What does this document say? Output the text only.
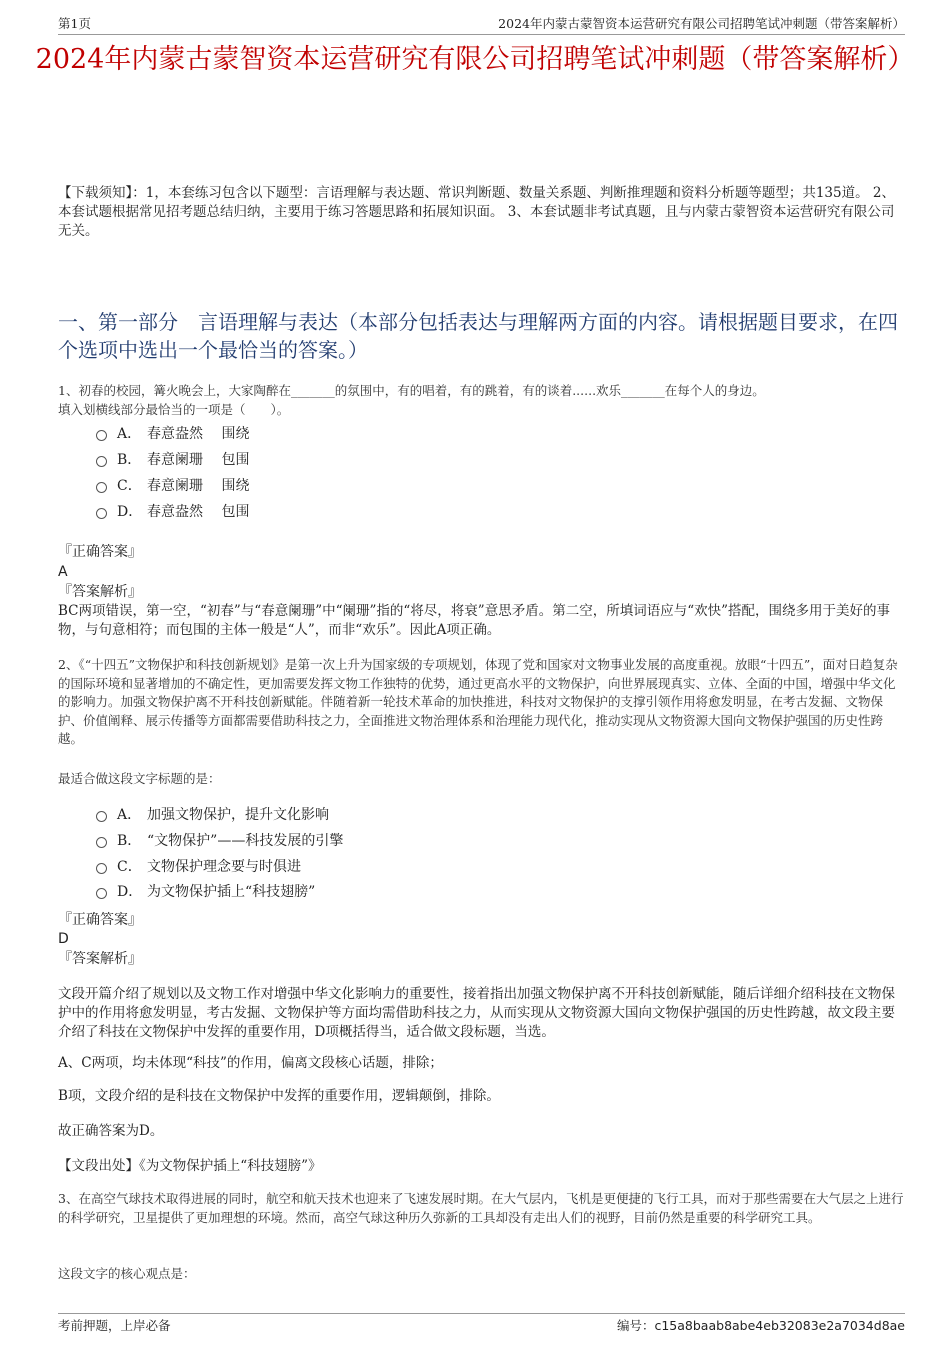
第1页	2024年内蒙古蒙智资本运营研究有限公司招聘笔试冲刺题（带答案解析）
2024年内蒙古蒙智资本运营研究有限公司招聘笔试冲刺题（带答案解析）
【下载须知】：1，本套练习包含以下题型：言语理解与表达题、常识判断题、数量关系题、判断推理题和资料分析题等题型；共135道。 2、本套试题根据常见招考题总结归纳，主要用于练习答题思路和拓展知识面。 3、本套试题非考试真题，且与内蒙古蒙智资本运营研究有限公司无关。
一、第一部分　言语理解与表达（本部分包括表达与理解两方面的内容。请根据题目要求，在四个选项中选出一个最恰当的答案。）
1、初春的校园，篝火晚会上，大家陶醉在_______的氛围中，有的唱着，有的跳着，有的谈着......欢乐_______在每个人的身边。
填入划横线部分最恰当的一项是（　　）。
A． 春意盎然　 围绕
B． 春意阑珊　 包围
C． 春意阑珊　 围绕
D． 春意盎然　 包围
『正确答案』
A
『答案解析』
BC两项错误，第一空，“初春”与“春意阑珊”中“阑珊”指的“将尽，将衰”意思矛盾。第二空，所填词语应与“欢快”搭配，围绕多用于美好的事物，与句意相符；而包围的主体一般是“人”，而非“欢乐”。因此A项正确。
2、《“十四五”文物保护和科技创新规划》是第一次上升为国家级的专项规划，体现了党和国家对文物事业发展的高度重视。放眼“十四五”，面对日趋复杂的国际环境和显著增加的不确定性，更加需要发挥文物工作独特的优势，通过更高水平的文物保护，向世界展现真实、立体、全面的中国，增强中华文化的影响力。加强文物保护离不开科技创新赋能。伴随着新一轮技术革命的加快推进，科技对文物保护的支撑引领作用将愈发明显，在考古发掘、文物保护、价值阐释、展示传播等方面都需要借助科技之力，全面推进文物治理体系和治理能力现代化，推动实现从文物资源大国向文物保护强国的历史性跨越。
最适合做这段文字标题的是：
A． 加强文物保护，提升文化影响
B． “文物保护”——科技发展的引擎
C． 文物保护理念要与时俱进
D． 为文物保护插上“科技翅膀”
『正确答案』
D
『答案解析』
文段开篇介绍了规划以及文物工作对增强中华文化影响力的重要性，接着指出加强文物保护离不开科技创新赋能，随后详细介绍科技在文物保护中的作用将愈发明显，考古发掘、文物保护等方面均需借助科技之力，从而实现从文物资源大国向文物保护强国的历史性跨越，故文段主要介绍了科技在文物保护中发挥的重要作用，D项概括得当，适合做文段标题，当选。
A、C两项，均未体现“科技”的作用，偏离文段核心话题，排除；
B项，文段介绍的是科技在文物保护中发挥的重要作用，逻辑颠倒，排除。
故正确答案为D。
【文段出处】《为文物保护插上“科技翅膀”》
3、在高空气球技术取得进展的同时，航空和航天技术也迎来了飞速发展时期。在大气层内，飞机是更便捷的飞行工具，而对于那些需要在大气层之上进行的科学研究，卫星提供了更加理想的环境。然而，高空气球这种历久弥新的工具却没有走出人们的视野，目前仍然是重要的科学研究工具。
这段文字的核心观点是：
考前押题，上岸必备	编号：c15a8baab8abe4eb32083e2a7034d8ae
